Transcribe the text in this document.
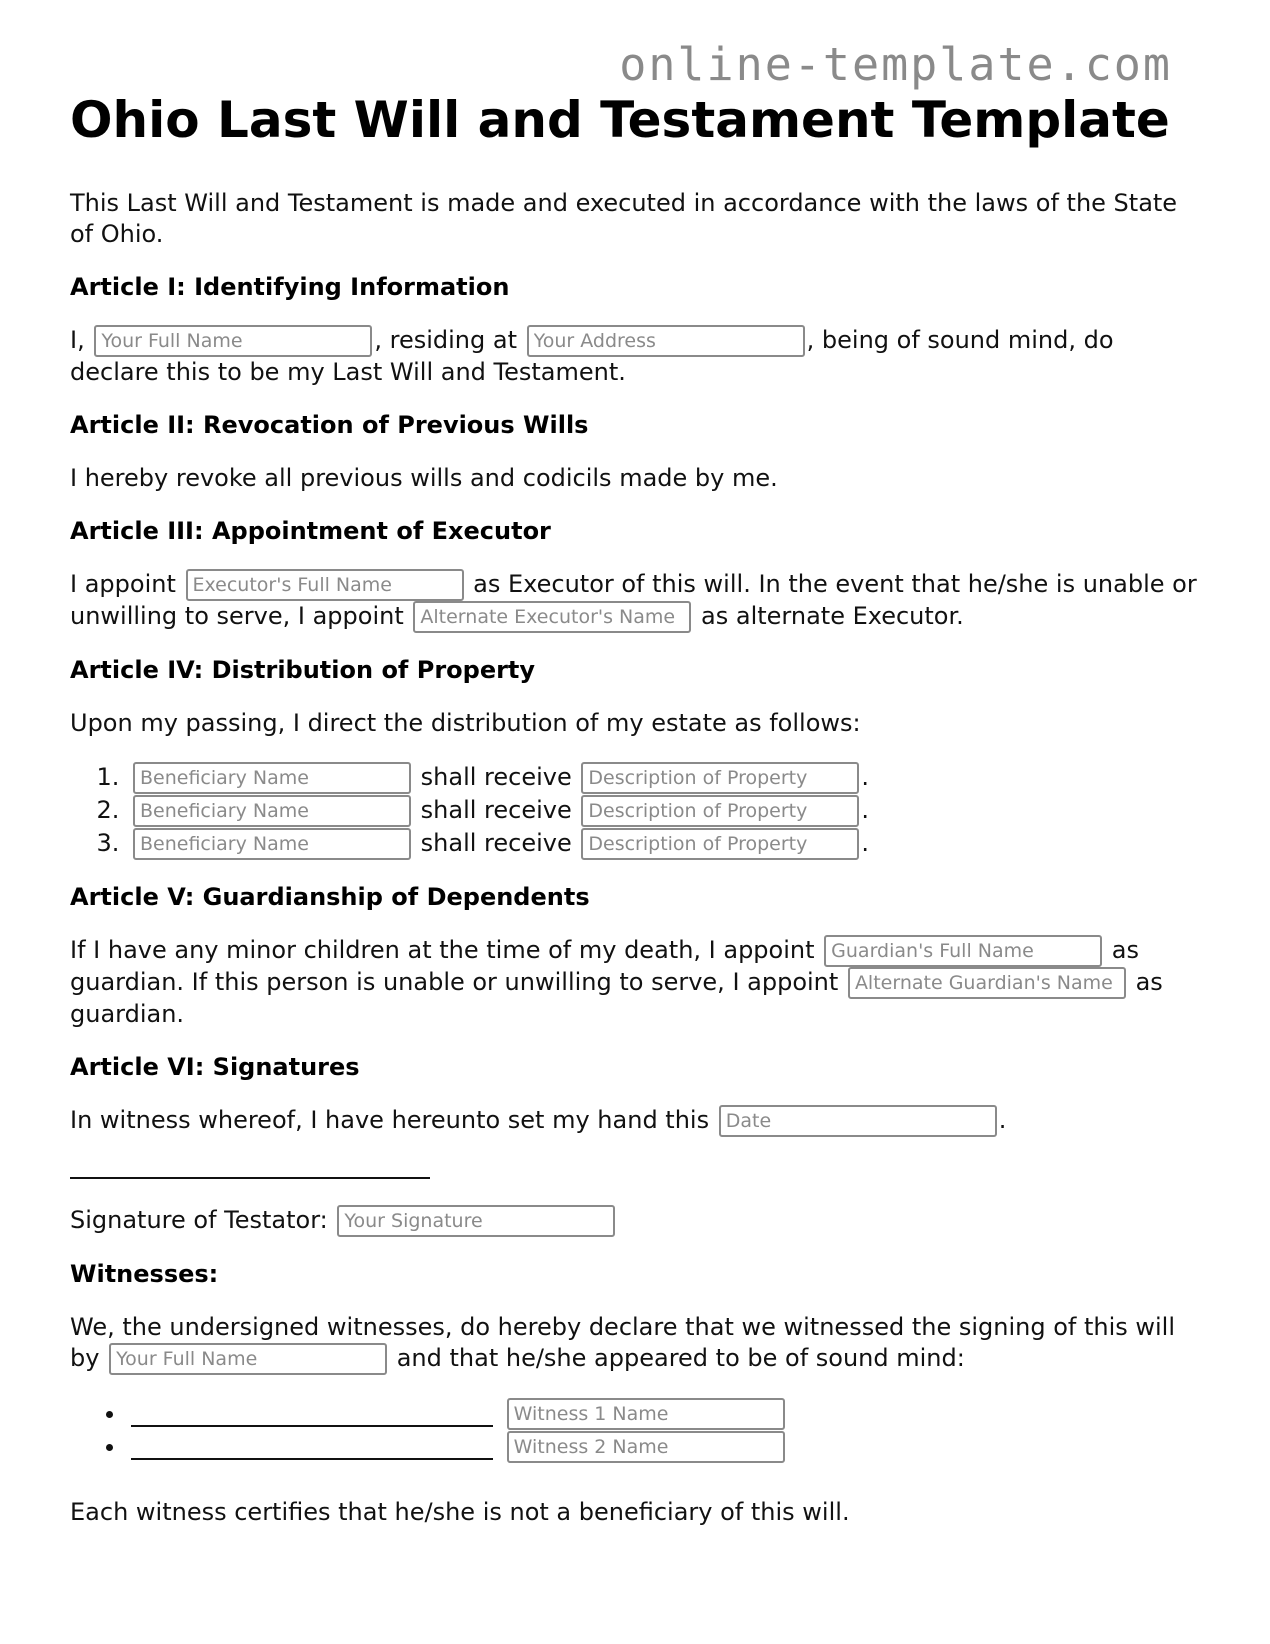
online-template.com
Ohio Last Will and Testament Template

This Last Will and Testament is made and executed in accordance with the laws of the State of Ohio.

Article I: Identifying Information

I, Your Full Name	, residing at Your Address	, being of sound mind, do declare this to be my Last Will and Testament.

Article II: Revocation of Previous Wills

I hereby revoke all previous wills and codicils made by me.

Article III: Appointment of Executor

I appoint Executor's Full Name	as Executor of this will. In the event that he/she is unable or unwilling to serve, I appoint Alternate Executor's Name	as alternate Executor.

Article IV: Distribution of Property

Upon my passing, I direct the distribution of my estate as follows:

Beneficiary Name 1. shall receive Description of Property	.
Beneficiary Name 2. shall receive Description of Property	.
Beneficiary Name 3. shall receive Description of Property	.
Article V: Guardianship of Dependents

If I have any minor children at the time of my death, I appoint Guardian's Full Name	as guardian. If this person is unable or unwilling to serve, I appoint Alternate Guardian's Name	as guardian.

Article VI: Signatures

In witness whereof, I have hereunto set my hand this Date	.

Signature of Testator: Your Signature

Witnesses:

We, the undersigned witnesses, do hereby declare that we witnessed the signing of this will by Your Full Name	and that he/she appeared to be of sound mind:

•  Witness 1 Name
•  Witness 2 Name

Each witness certifies that he/she is not a beneficiary of this will.
